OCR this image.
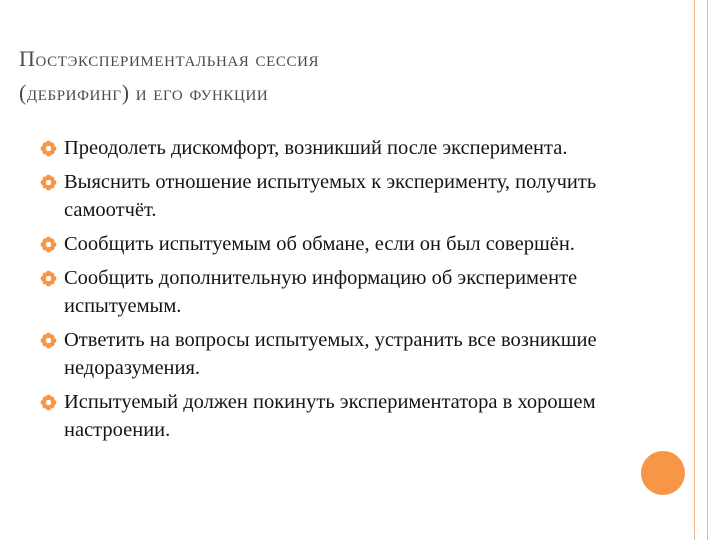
Постэкспериментальная сессия
(дебрифинг) и его функции
Преодолеть дискомфорт, возникший после эксперимента.
Выяснить отношение испытуемых к эксперименту, получить самоотчёт.
Сообщить испытуемым об обмане, если он был совершён.
Сообщить дополнительную информацию об эксперименте испытуемым.
Ответить на вопросы испытуемых, устранить все возникшие недоразумения.
Испытуемый должен покинуть экспериментатора в хорошем настроении.
